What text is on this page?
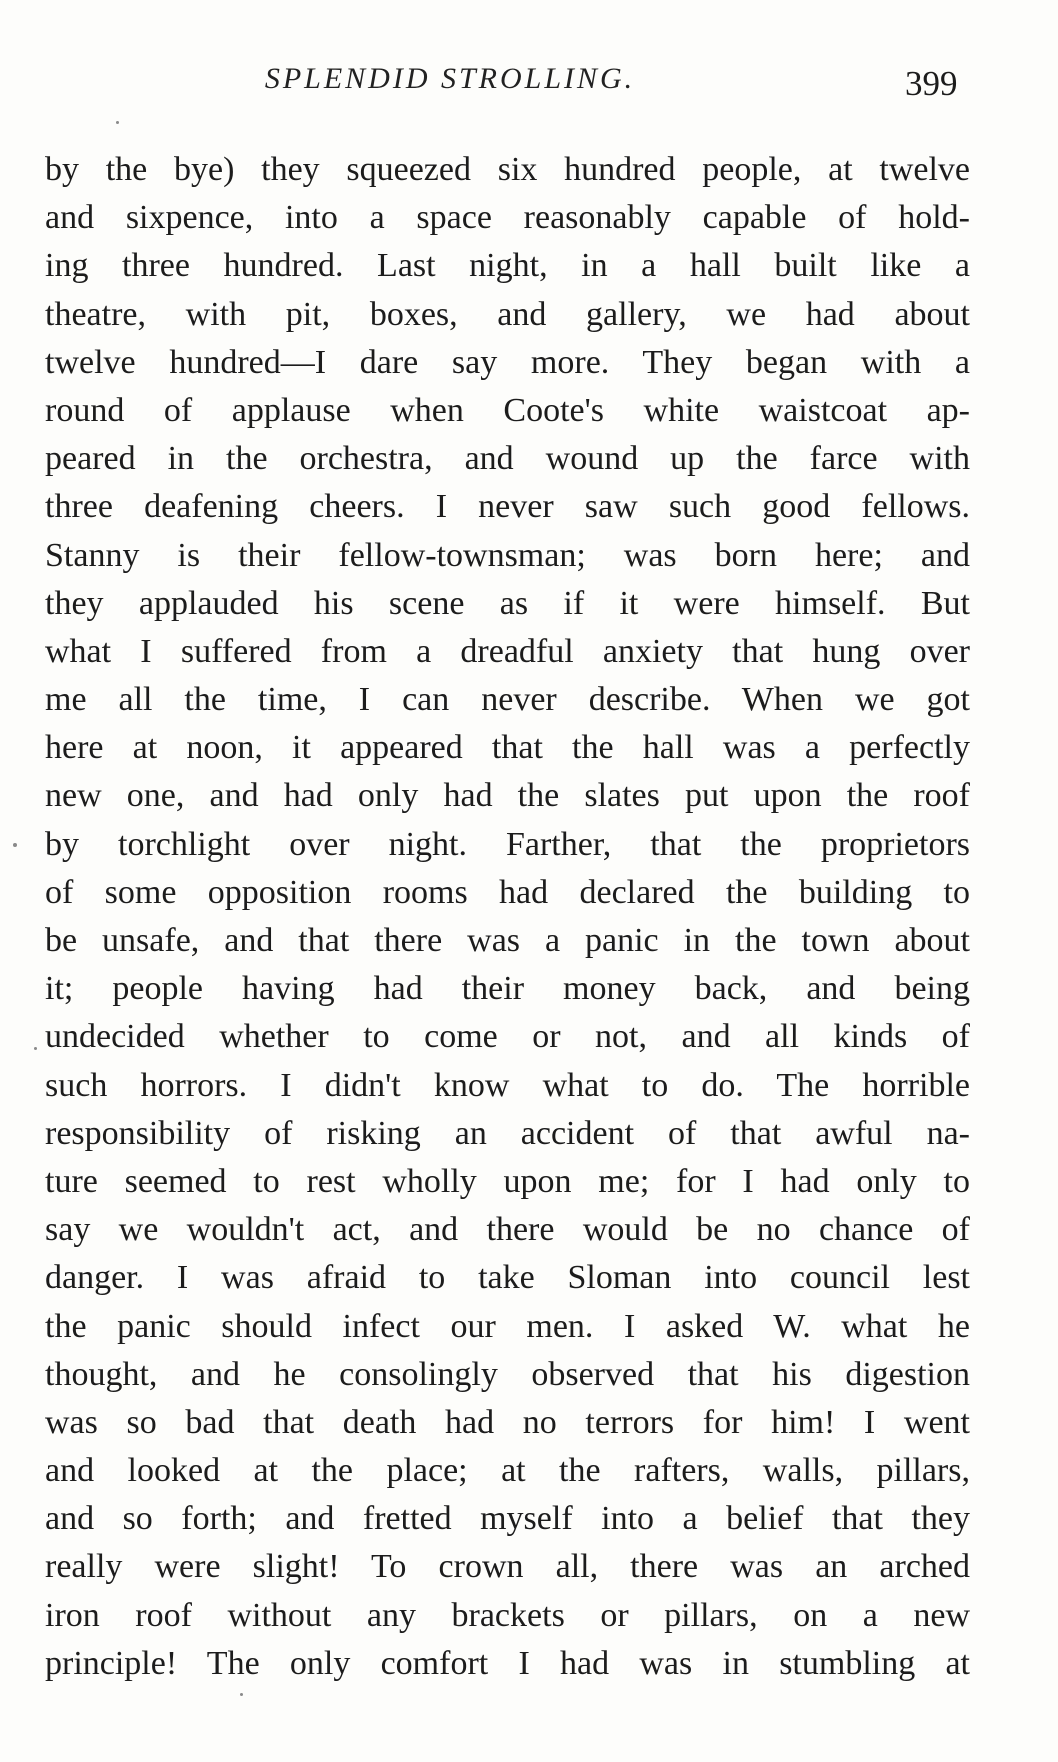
SPLENDID STROLLING.	399
by the bye) they squeezed six hundred people, at twelve
and sixpence, into a space reasonably capable of hold-
ing three hundred. Last night, in a hall built like a
theatre, with pit, boxes, and gallery, we had about
twelve hundred—I dare say more. They began with a
round of applause when Coote's white waistcoat ap-
peared in the orchestra, and wound up the farce with
three deafening cheers. I never saw such good fellows.
Stanny is their fellow-townsman; was born here; and
they applauded his scene as if it were himself. But
what I suffered from a dreadful anxiety that hung over
me all the time, I can never describe. When we got
here at noon, it appeared that the hall was a perfectly
new one, and had only had the slates put upon the roof
by torchlight over night. Farther, that the proprietors
of some opposition rooms had declared the building to
be unsafe, and that there was a panic in the town about
it; people having had their money back, and being
undecided whether to come or not, and all kinds of
such horrors. I didn't know what to do. The horrible
responsibility of risking an accident of that awful na-
ture seemed to rest wholly upon me; for I had only to
say we wouldn't act, and there would be no chance of
danger. I was afraid to take Sloman into council lest
the panic should infect our men. I asked W. what he
thought, and he consolingly observed that his digestion
was so bad that death had no terrors for him! I went
and looked at the place; at the rafters, walls, pillars,
and so forth; and fretted myself into a belief that they
really were slight! To crown all, there was an arched
iron roof without any brackets or pillars, on a new
principle! The only comfort I had was in stumbling at
